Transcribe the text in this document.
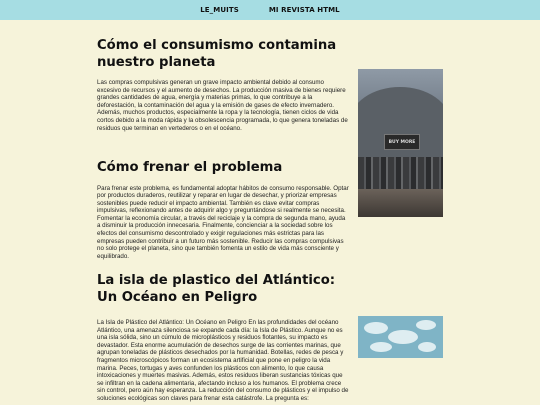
LE_MUITS	MI REVISTA HTML
Cómo el consumismo contamina nuestro planeta

Las compras compulsivas generan un grave impacto ambiental debido al consumo excesivo de recursos y el aumento de desechos. La producción masiva de bienes requiere grandes cantidades de agua, energía y materias primas, lo que contribuye a la deforestación, la contaminación del agua y la emisión de gases de efecto invernadero. Además, muchos productos, especialmente la ropa y la tecnología, tienen ciclos de vida cortos debido a la moda rápida y la obsolescencia programada, lo que genera toneladas de residuos que terminan en vertederos o en el océano.

Cómo frenar el problema

Para frenar este problema, es fundamental adoptar hábitos de consumo responsable. Optar por productos duraderos, reutilizar y reparar en lugar de desechar, y priorizar empresas sostenibles puede reducir el impacto ambiental. También es clave evitar compras impulsivas, reflexionando antes de adquirir algo y preguntándose si realmente se necesita. Fomentar la economía circular, a través del reciclaje y la compra de segunda mano, ayuda a disminuir la producción innecesaria. Finalmente, concienciar a la sociedad sobre los efectos del consumismo descontrolado y exigir regulaciones más estrictas para las empresas pueden contribuir a un futuro más sostenible. Reducir las compras compulsivas no solo protege el planeta, sino que también fomenta un estilo de vida más consciente y equilibrado.

La isla de plastico del Atlántico: Un Océano en Peligro

La Isla de Plástico del Atlántico: Un Océano en Peligro En las profundidades del océano Atlántico, una amenaza silenciosa se expande cada día: la Isla de Plástico. Aunque no es una isla sólida, sino un cúmulo de microplásticos y residuos flotantes, su impacto es devastador. Esta enorme acumulación de desechos surge de las corrientes marinas, que agrupan toneladas de plásticos desechados por la humanidad. Botellas, redes de pesca y fragmentos microscópicos forman un ecosistema artificial que pone en peligro la vida marina. Peces, tortugas y aves confunden los plásticos con alimento, lo que causa intoxicaciones y muertes masivas. Además, estos residuos liberan sustancias tóxicas que se infiltran en la cadena alimentaria, afectando incluso a los humanos. El problema crece sin control, pero aún hay esperanza. La reducción del consumo de plásticos y el impulso de soluciones ecológicas son claves para frenar esta catástrofe. La pregunta es:

BUY MORE
